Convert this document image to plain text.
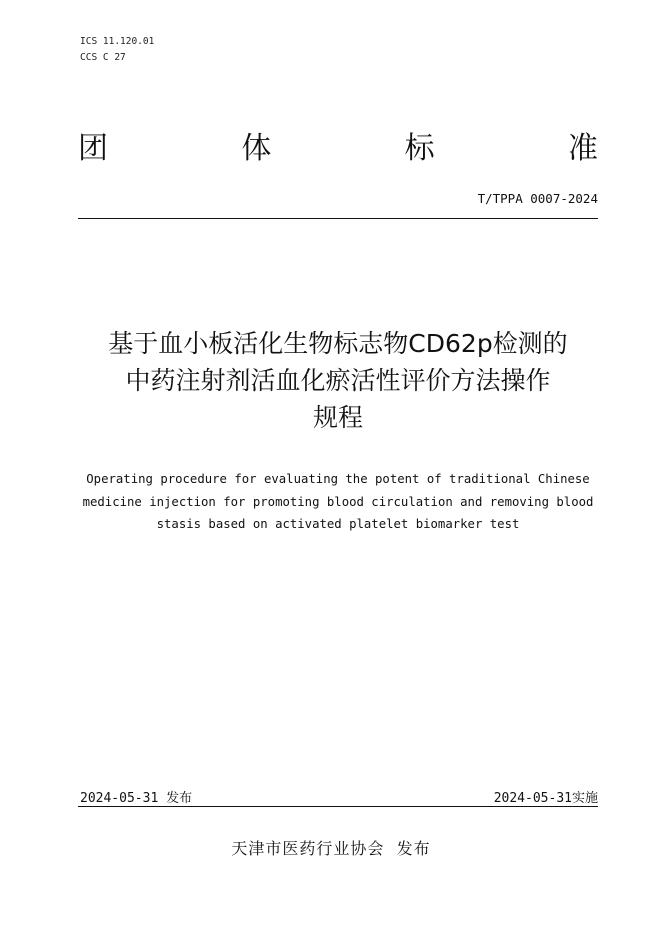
ICS 11.120.01
CCS C 27
团	体	标	准
T/TPPA 0007-2024
基于血小板活化生物标志物CD62p检测的
中药注射剂活血化瘀活性评价方法操作
规程
Operating procedure for evaluating the potent of traditional Chinese
medicine injection for promoting blood circulation and removing blood
stasis based on activated platelet biomarker test
2024-05-31 发布	2024-05-31实施
天津市医药行业协会  发布
